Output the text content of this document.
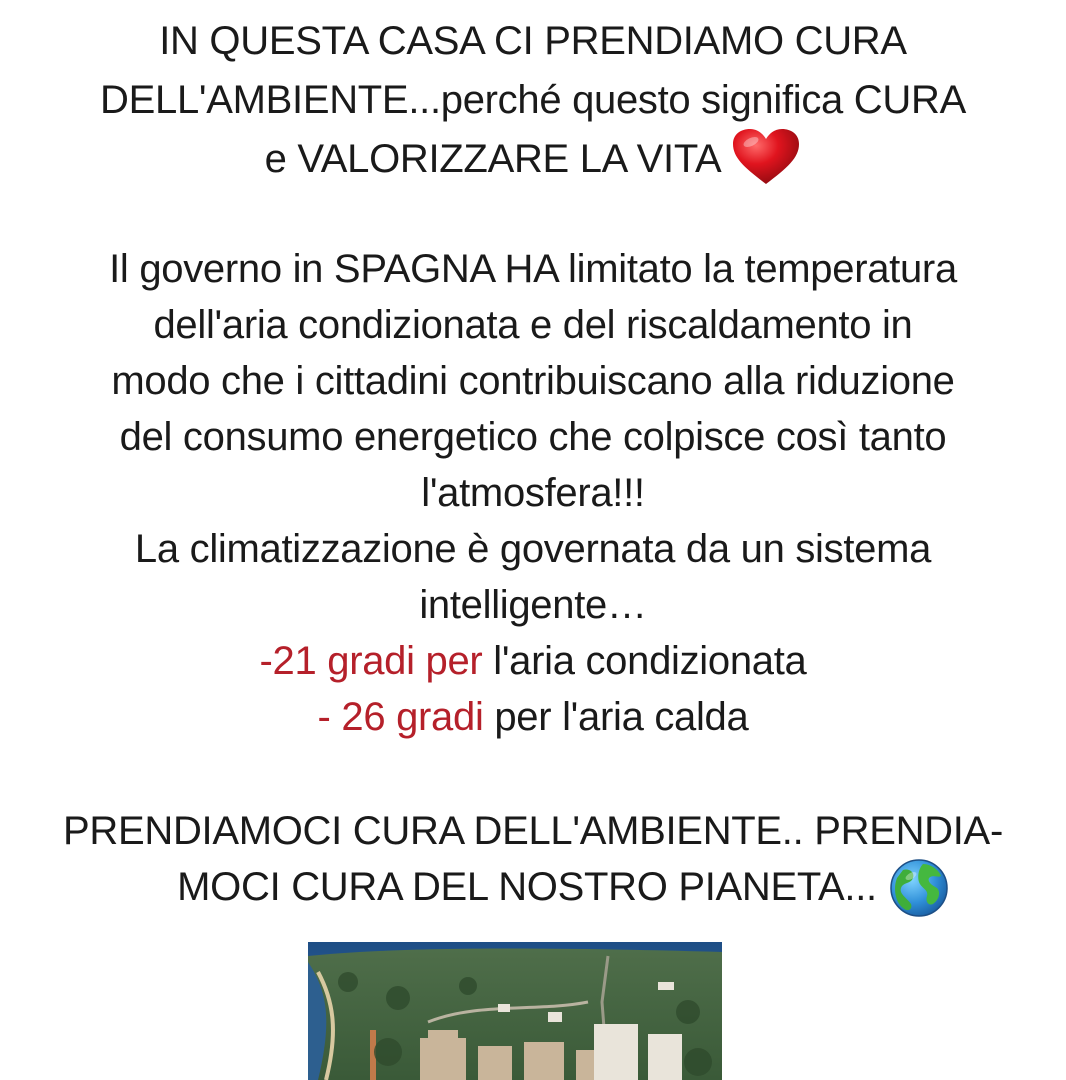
IN QUESTA CASA CI PRENDIAMO CURA
DELL'AMBIENTE...perché questo significa CURA
e VALORIZZARE LA VITA
Il governo in SPAGNA HA limitato la temperatura
dell'aria condizionata e del riscaldamento in
modo che i cittadini contribuiscano alla riduzione
del consumo energetico che colpisce così tanto
l'atmosfera!!!
La climatizzazione è governata da un sistema
intelligente…
-21 gradi per l'aria condizionata
- 26 gradi per l'aria calda
PRENDIAMOCI CURA DELL'AMBIENTE.. PRENDIA-
MOCI CURA DEL NOSTRO PIANETA...
